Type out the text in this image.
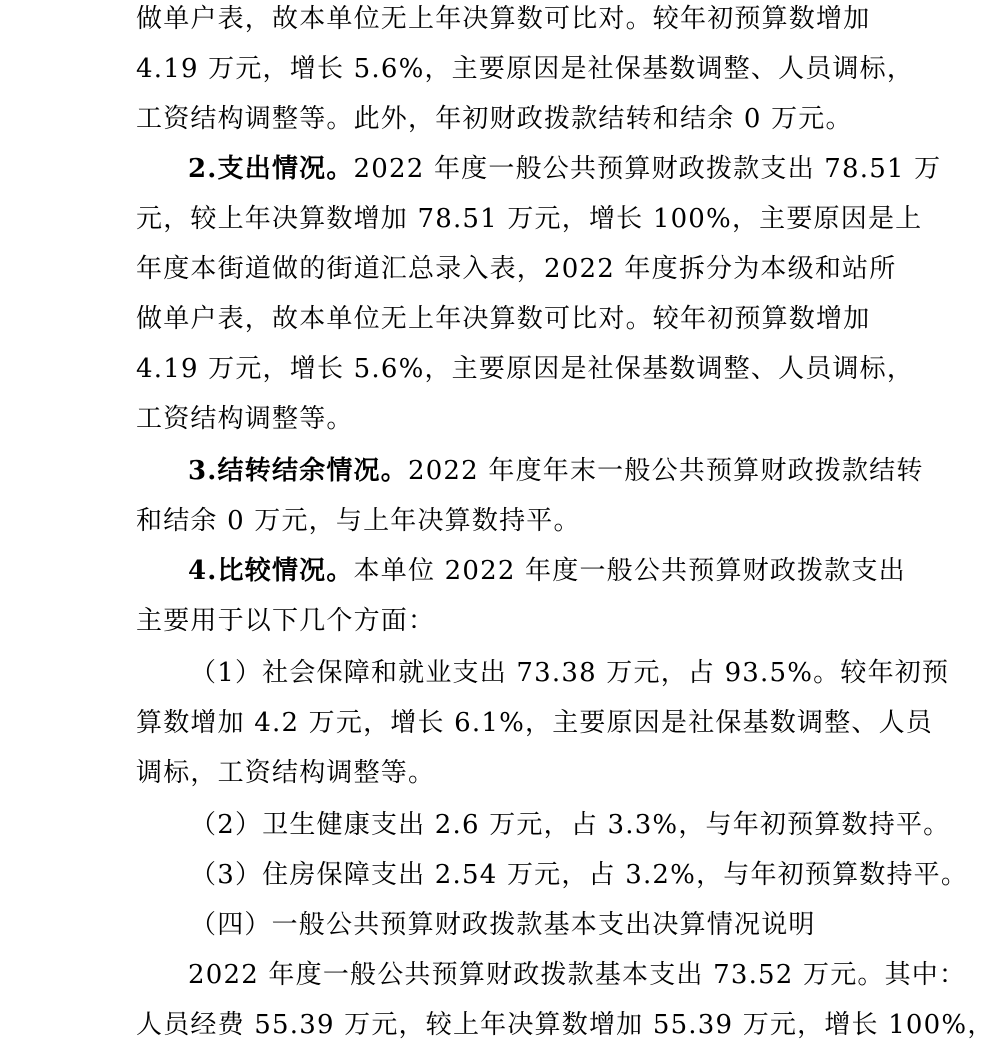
做单户表，故本单位无上年决算数可比对。较年初预算数增加
4.19 万元，增长 5.6%，主要原因是社保基数调整、人员调标，
工资结构调整等。此外，年初财政拨款结转和结余 0 万元。
2.支出情况。2022 年度一般公共预算财政拨款支出 78.51 万
元，较上年决算数增加 78.51 万元，增长 100%，主要原因是上
年度本街道做的街道汇总录入表，2022 年度拆分为本级和站所
做单户表，故本单位无上年决算数可比对。较年初预算数增加
4.19 万元，增长 5.6%，主要原因是社保基数调整、人员调标，
工资结构调整等。
3.结转结余情况。2022 年度年末一般公共预算财政拨款结转
和结余 0 万元，与上年决算数持平。
4.比较情况。本单位 2022 年度一般公共预算财政拨款支出
主要用于以下几个方面：
（1）社会保障和就业支出 73.38 万元，占 93.5%。较年初预
算数增加 4.2 万元，增长 6.1%，主要原因是社保基数调整、人员
调标，工资结构调整等。
（2）卫生健康支出 2.6 万元，占 3.3%，与年初预算数持平。
（3）住房保障支出 2.54 万元，占 3.2%，与年初预算数持平。
（四）一般公共预算财政拨款基本支出决算情况说明
2022 年度一般公共预算财政拨款基本支出 73.52 万元。其中：
人员经费 55.39 万元，较上年决算数增加 55.39 万元，增长 100%，
